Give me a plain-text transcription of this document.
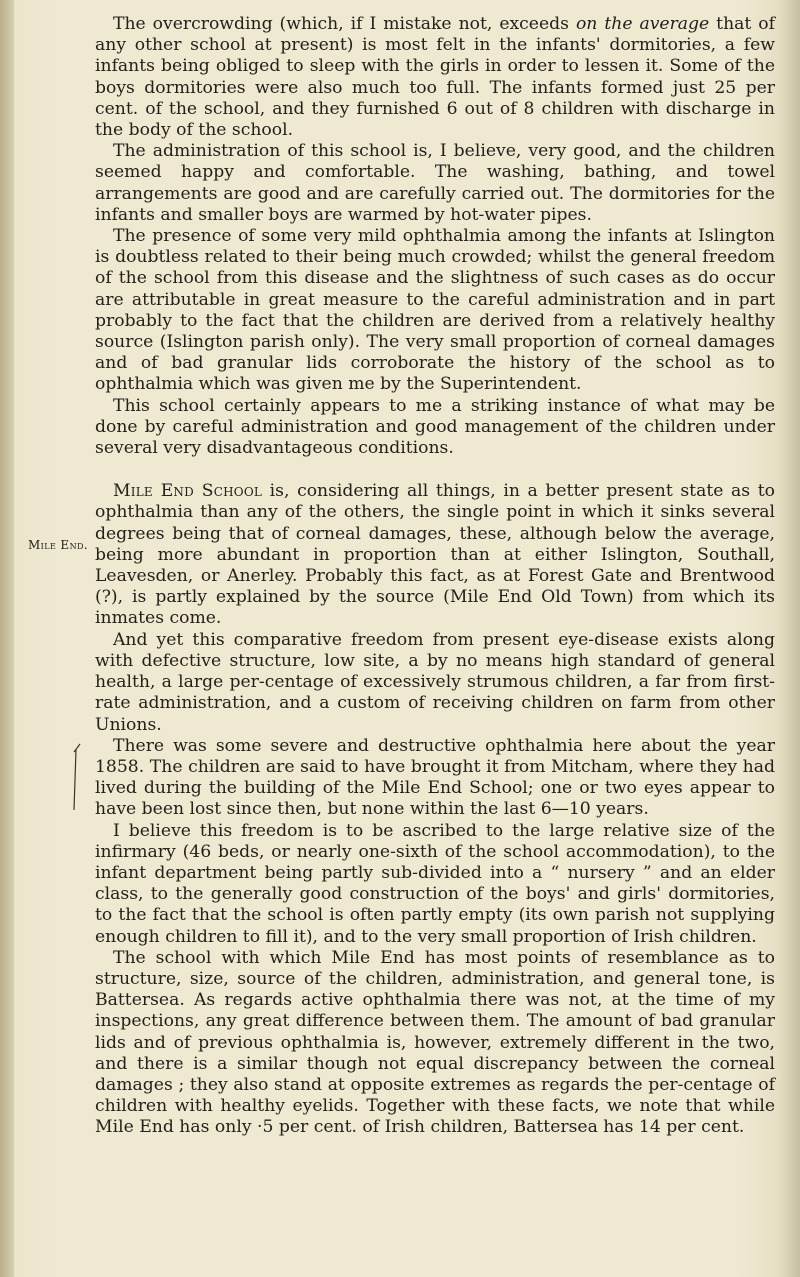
Mile End.

The overcrowding (which, if I mistake not, exceeds on the average that of any other school at present) is most felt in the infants' dormitories, a few infants being obliged to sleep with the girls in order to lessen it. Some of the boys dormitories were also much too full. The infants formed just 25 per cent. of the school, and they furnished 6 out of 8 children with discharge in the body of the school.

The administration of this school is, I believe, very good, and the children seemed happy and comfortable. The washing, bathing, and towel arrangements are good and are carefully carried out. The dormitories for the infants and smaller boys are warmed by hot-water pipes.

The presence of some very mild ophthalmia among the infants at Islington is doubtless related to their being much crowded; whilst the general freedom of the school from this disease and the slightness of such cases as do occur are attributable in great measure to the careful administration and in part probably to the fact that the children are derived from a relatively healthy source (Islington parish only). The very small proportion of corneal damages and of bad granular lids corroborate the history of the school as to ophthalmia which was given me by the Superintendent.

This school certainly appears to me a striking instance of what may be done by careful administration and good management of the children under several very disadvantageous conditions.

Mile End School is, considering all things, in a better present state as to ophthalmia than any of the others, the single point in which it sinks several degrees being that of corneal damages, these, although below the average, being more abundant in proportion than at either Islington, Southall, Leavesden, or Anerley. Probably this fact, as at Forest Gate and Brentwood (?), is partly explained by the source (Mile End Old Town) from which its inmates come.

And yet this comparative freedom from present eye-disease exists along with defective structure, low site, a by no means high standard of general health, a large per-centage of excessively strumous children, a far from first-rate administration, and a custom of receiving children on farm from other Unions.

There was some severe and destructive ophthalmia here about the year 1858. The children are said to have brought it from Mitcham, where they had lived during the building of the Mile End School; one or two eyes appear to have been lost since then, but none within the last 6—10 years.

I believe this freedom is to be ascribed to the large relative size of the infirmary (46 beds, or nearly one-sixth of the school accommodation), to the infant department being partly sub-divided into a “ nursery ” and an elder class, to the generally good construction of the boys' and girls' dormitories, to the fact that the school is often partly empty (its own parish not supplying enough children to fill it), and to the very small proportion of Irish children.

The school with which Mile End has most points of resemblance as to structure, size, source of the children, administration, and general tone, is Battersea. As regards active ophthalmia there was not, at the time of my inspections, any great difference between them. The amount of bad granular lids and of previous ophthalmia is, however, extremely different in the two, and there is a similar though not equal discrepancy between the corneal damages ; they also stand at opposite extremes as regards the per-centage of children with healthy eyelids. Together with these facts, we note that while Mile End has only ·5 per cent. of Irish children, Battersea has 14 per cent.
